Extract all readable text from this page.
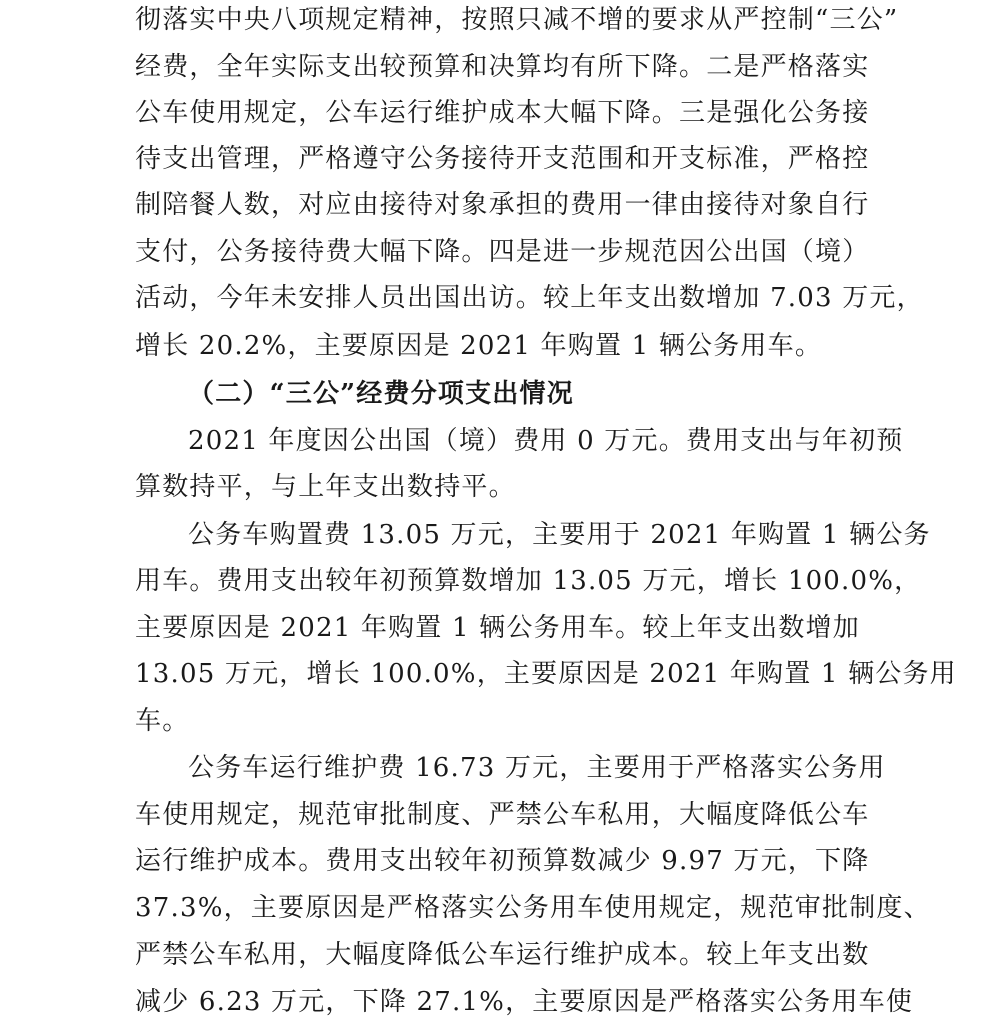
彻落实中央八项规定精神，按照只减不增的要求从严控制“三公”
经费，全年实际支出较预算和决算均有所下降。二是严格落实
公车使用规定，公车运行维护成本大幅下降。三是强化公务接
待支出管理，严格遵守公务接待开支范围和开支标准，严格控
制陪餐人数，对应由接待对象承担的费用一律由接待对象自行
支付，公务接待费大幅下降。四是进一步规范因公出国（境）
活动，今年未安排人员出国出访。较上年支出数增加 7.03 万元，
增长 20.2%，主要原因是 2021 年购置 1 辆公务用车。
（二）“三公”经费分项支出情况
2021 年度因公出国（境）费用 0 万元。费用支出与年初预
算数持平，与上年支出数持平。
公务车购置费 13.05 万元，主要用于 2021 年购置 1 辆公务
用车。费用支出较年初预算数增加 13.05 万元，增长 100.0%，
主要原因是 2021 年购置 1 辆公务用车。较上年支出数增加
13.05 万元，增长 100.0%，主要原因是 2021 年购置 1 辆公务用
车。
公务车运行维护费 16.73 万元，主要用于严格落实公务用
车使用规定，规范审批制度、严禁公车私用，大幅度降低公车
运行维护成本。费用支出较年初预算数减少 9.97 万元，下降
37.3%，主要原因是严格落实公务用车使用规定，规范审批制度、
严禁公车私用，大幅度降低公车运行维护成本。较上年支出数
减少 6.23 万元，下降 27.1%，主要原因是严格落实公务用车使
